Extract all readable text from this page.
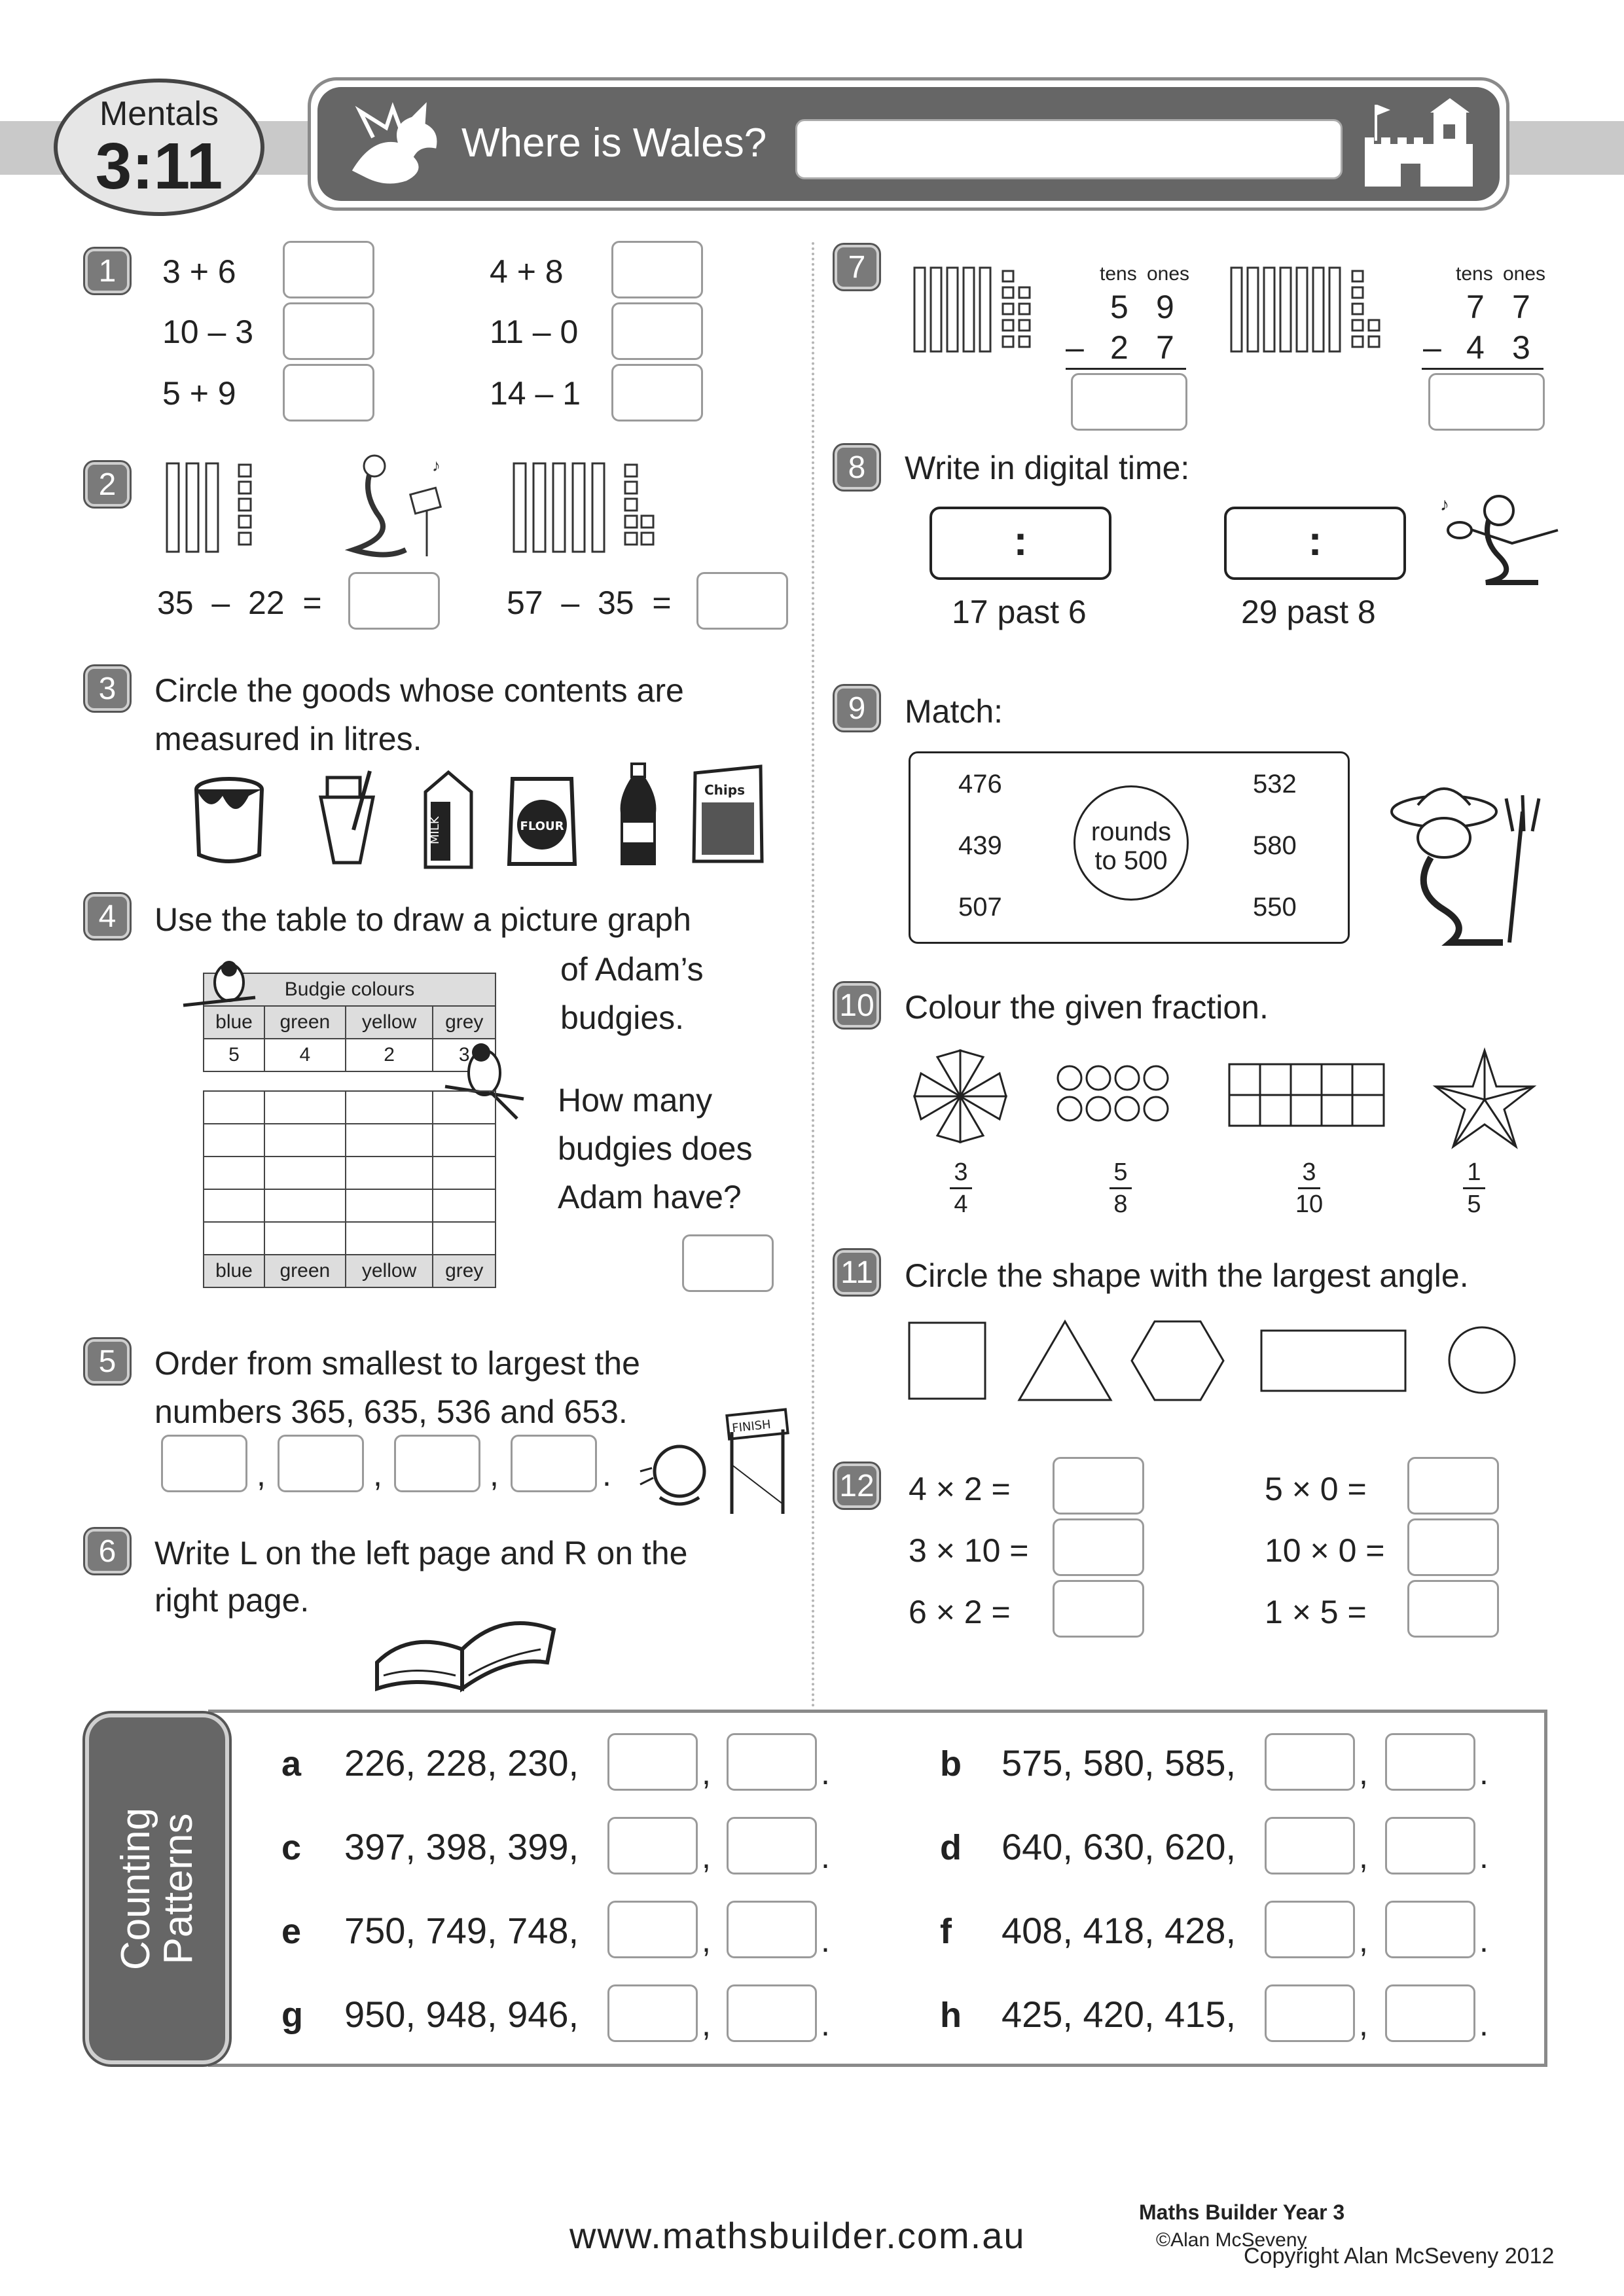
Mentals
3:11	Where is Wales?
1	3 + 6
10 – 3
5 + 9
4 + 8
11 – 0
14 – 1
2
♪
35  –  22  =	57  –  35  =
3	Circle the goods whose contents are
measured in litres.
MILK	FLOUR
Chips
4	Use the table to draw a picture graph
of Adam’s
budgies.
Budgie colours			
blue	green	yellow	grey
5	4	2	3

blue	green	yellow	grey
How many
budgies does
Adam have?
5	Order from smallest to largest the
numbers 365, 635, 536 and 653.
,	,	,	.
FINISH
6	Write L on the left page and R on the
right page.
7	tens ones
5 9
– 2 7
tens ones
7 7
– 4 3
8	Write in digital time:
:	:
17 past 6	29 past 8
♪
9	Match:
476
439
507
532
580
550
rounds
to 500
10 Colour the given fraction.
3
4
5
8
3
10
1
5
11 Circle the shape with the largest angle.
12 4 × 2 =
3 × 10 =
6 × 2 =
5 × 0 =
10 × 0 =
1 × 5 =
Counting
Patterns
a 226, 228, 230,	,	.	b 575, 580, 585,	,	.
c 397, 398, 399,	,	.	d 640, 630, 620,	,	.
e 750, 749, 748,	,	.	f 408, 418, 428,	,	.
g 950, 948, 946,	,	.	h 425, 420, 415,	,	.
www.mathsbuilder.com.au
Maths Builder Year 3
©Alan McSeveny
Copyright Alan McSeveny 2012
